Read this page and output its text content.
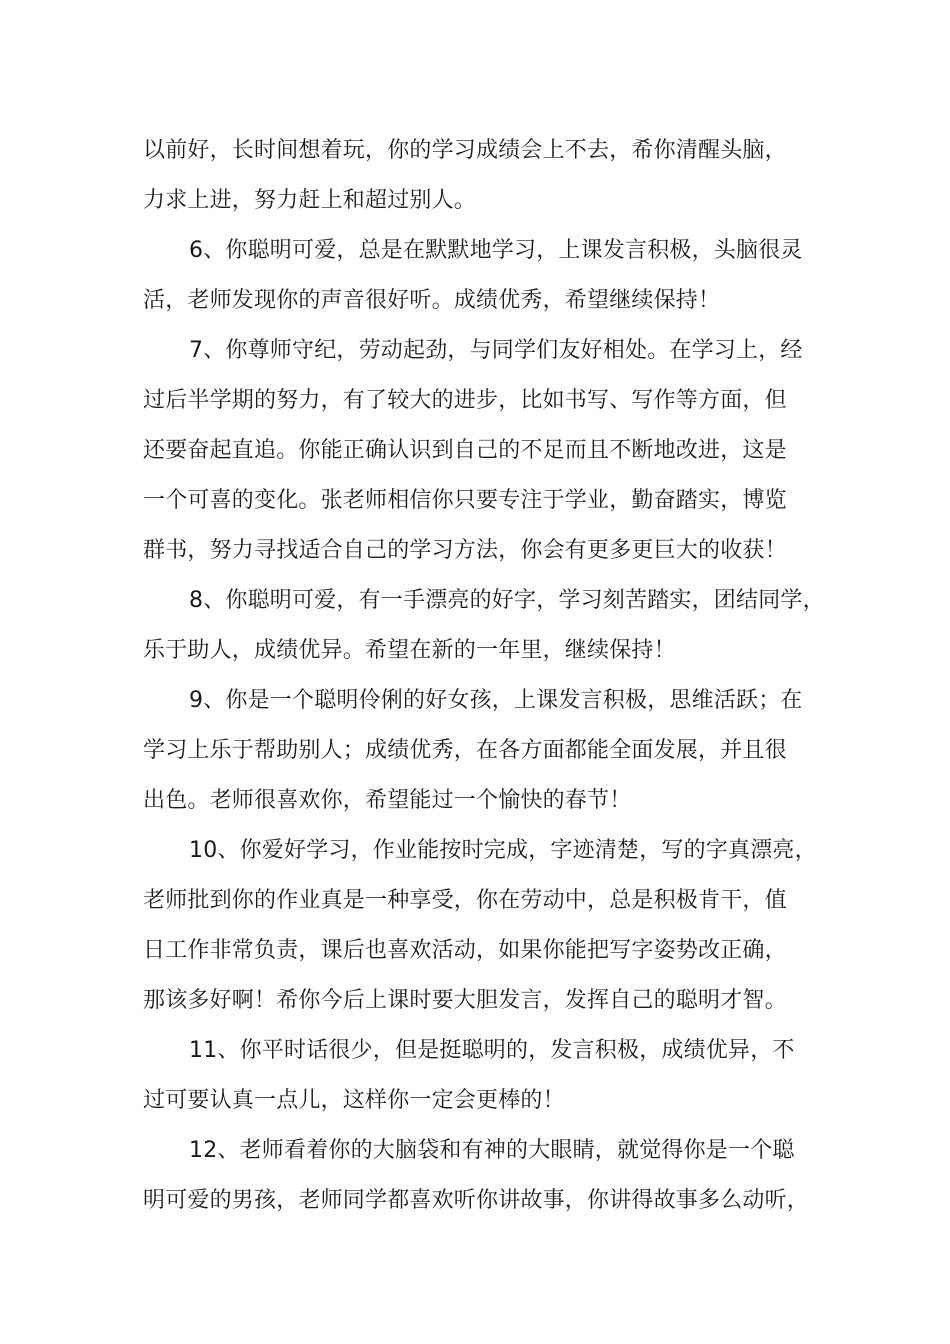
以前好，长时间想着玩，你的学习成绩会上不去，希你清醒头脑，
力求上进，努力赶上和超过别人。
6、你聪明可爱，总是在默默地学习，上课发言积极，头脑很灵
活，老师发现你的声音很好听。成绩优秀，希望继续保持！
7、你尊师守纪，劳动起劲，与同学们友好相处。在学习上，经
过后半学期的努力，有了较大的进步，比如书写、写作等方面，但
还要奋起直追。你能正确认识到自己的不足而且不断地改进，这是
一个可喜的变化。张老师相信你只要专注于学业，勤奋踏实，博览
群书，努力寻找适合自己的学习方法，你会有更多更巨大的收获！
8、你聪明可爱，有一手漂亮的好字，学习刻苦踏实，团结同学，
乐于助人，成绩优异。希望在新的一年里，继续保持！
9、你是一个聪明伶俐的好女孩，上课发言积极，思维活跃；在
学习上乐于帮助别人；成绩优秀，在各方面都能全面发展，并且很
出色。老师很喜欢你，希望能过一个愉快的春节！
10、你爱好学习，作业能按时完成，字迹清楚，写的字真漂亮，
老师批到你的作业真是一种享受，你在劳动中，总是积极肯干，值
日工作非常负责，课后也喜欢活动，如果你能把写字姿势改正确，
那该多好啊！希你今后上课时要大胆发言，发挥自己的聪明才智。
11、你平时话很少，但是挺聪明的，发言积极，成绩优异，不
过可要认真一点儿，这样你一定会更棒的！
12、老师看着你的大脑袋和有神的大眼睛，就觉得你是一个聪
明可爱的男孩，老师同学都喜欢听你讲故事，你讲得故事多么动听，
